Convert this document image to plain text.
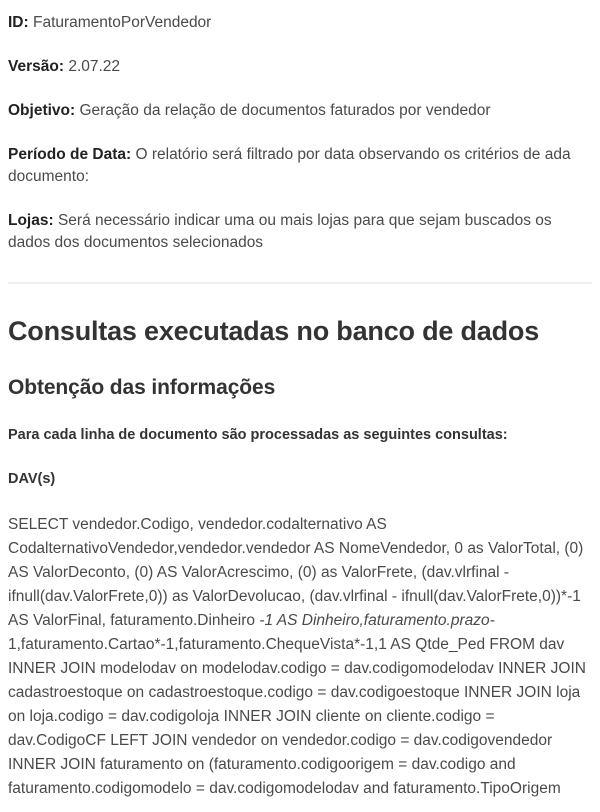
ID: FaturamentoPorVendedor

Versão: 2.07.22

Objetivo: Geração da relação de documentos faturados por vendedor

Período de Data: O relatório será filtrado por data observando os critérios de ada documento:

Lojas: Será necessário indicar uma ou mais lojas para que sejam buscados os dados dos documentos selecionados

Consultas executadas no banco de dados
Obtenção das informações

Para cada linha de documento são processadas as seguintes consultas:

DAV(s)

SELECT vendedor.Codigo, vendedor.codalternativo AS CodalternativoVendedor,vendedor.vendedor AS NomeVendedor, 0 as ValorTotal, (0) AS ValorDeconto, (0) AS ValorAcrescimo, (0) as ValorFrete, (dav.vlrfinal - ifnull(dav.ValorFrete,0)) as ValorDevolucao, (dav.vlrfinal - ifnull(dav.ValorFrete,0))*-1 AS ValorFinal, faturamento.Dinheiro -1 AS Dinheiro,faturamento.prazo-1,faturamento.Cartao*-1,faturamento.ChequeVista*-1,1 AS Qtde_Ped FROM dav INNER JOIN modelodav on modelodav.codigo = dav.codigomodelodav INNER JOIN cadastroestoque on cadastroestoque.codigo = dav.codigoestoque INNER JOIN loja on loja.codigo = dav.codigoloja INNER JOIN cliente on cliente.codigo = dav.CodigoCF LEFT JOIN vendedor on vendedor.codigo = dav.codigovendedor INNER JOIN faturamento on (faturamento.codigoorigem = dav.codigo and faturamento.codigomodelo = dav.codigomodelodav and faturamento.TipoOrigem
